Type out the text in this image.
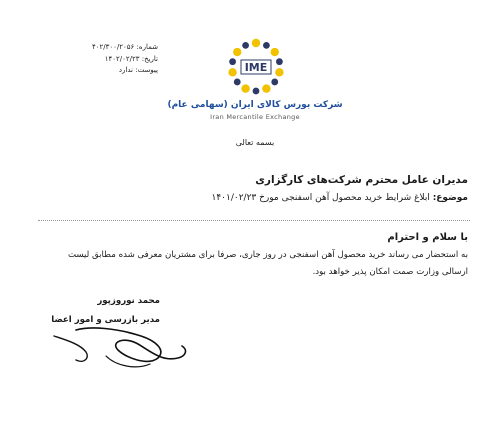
شماره: ۴۰۲/۳۰۰/۲۰۵۶
تاریخ: ۱۴۰۲/۰۲/۲۳
پیوست: ندارد	IME
شرکت بورس کالای ایران (سهامی عام)
Iran Mercantile Exchange
بسمه تعالی
مدیران عامل محترم شرکت‌های کارگزاری
موضوع: ابلاغ شرایط خرید محصول آهن اسفنجی مورخ ۱۴۰۱/۰۲/۲۳
با سلام و احترام
به استحضار می رساند خرید محصول آهن اسفنجی در روز جاری، صرفا برای مشتریان معرفی شده مطابق لیست
ارسالی وزارت صمت امکان پذیر خواهد بود.
محمد نوروزپور
مدیر بازرسی و امور اعضا
